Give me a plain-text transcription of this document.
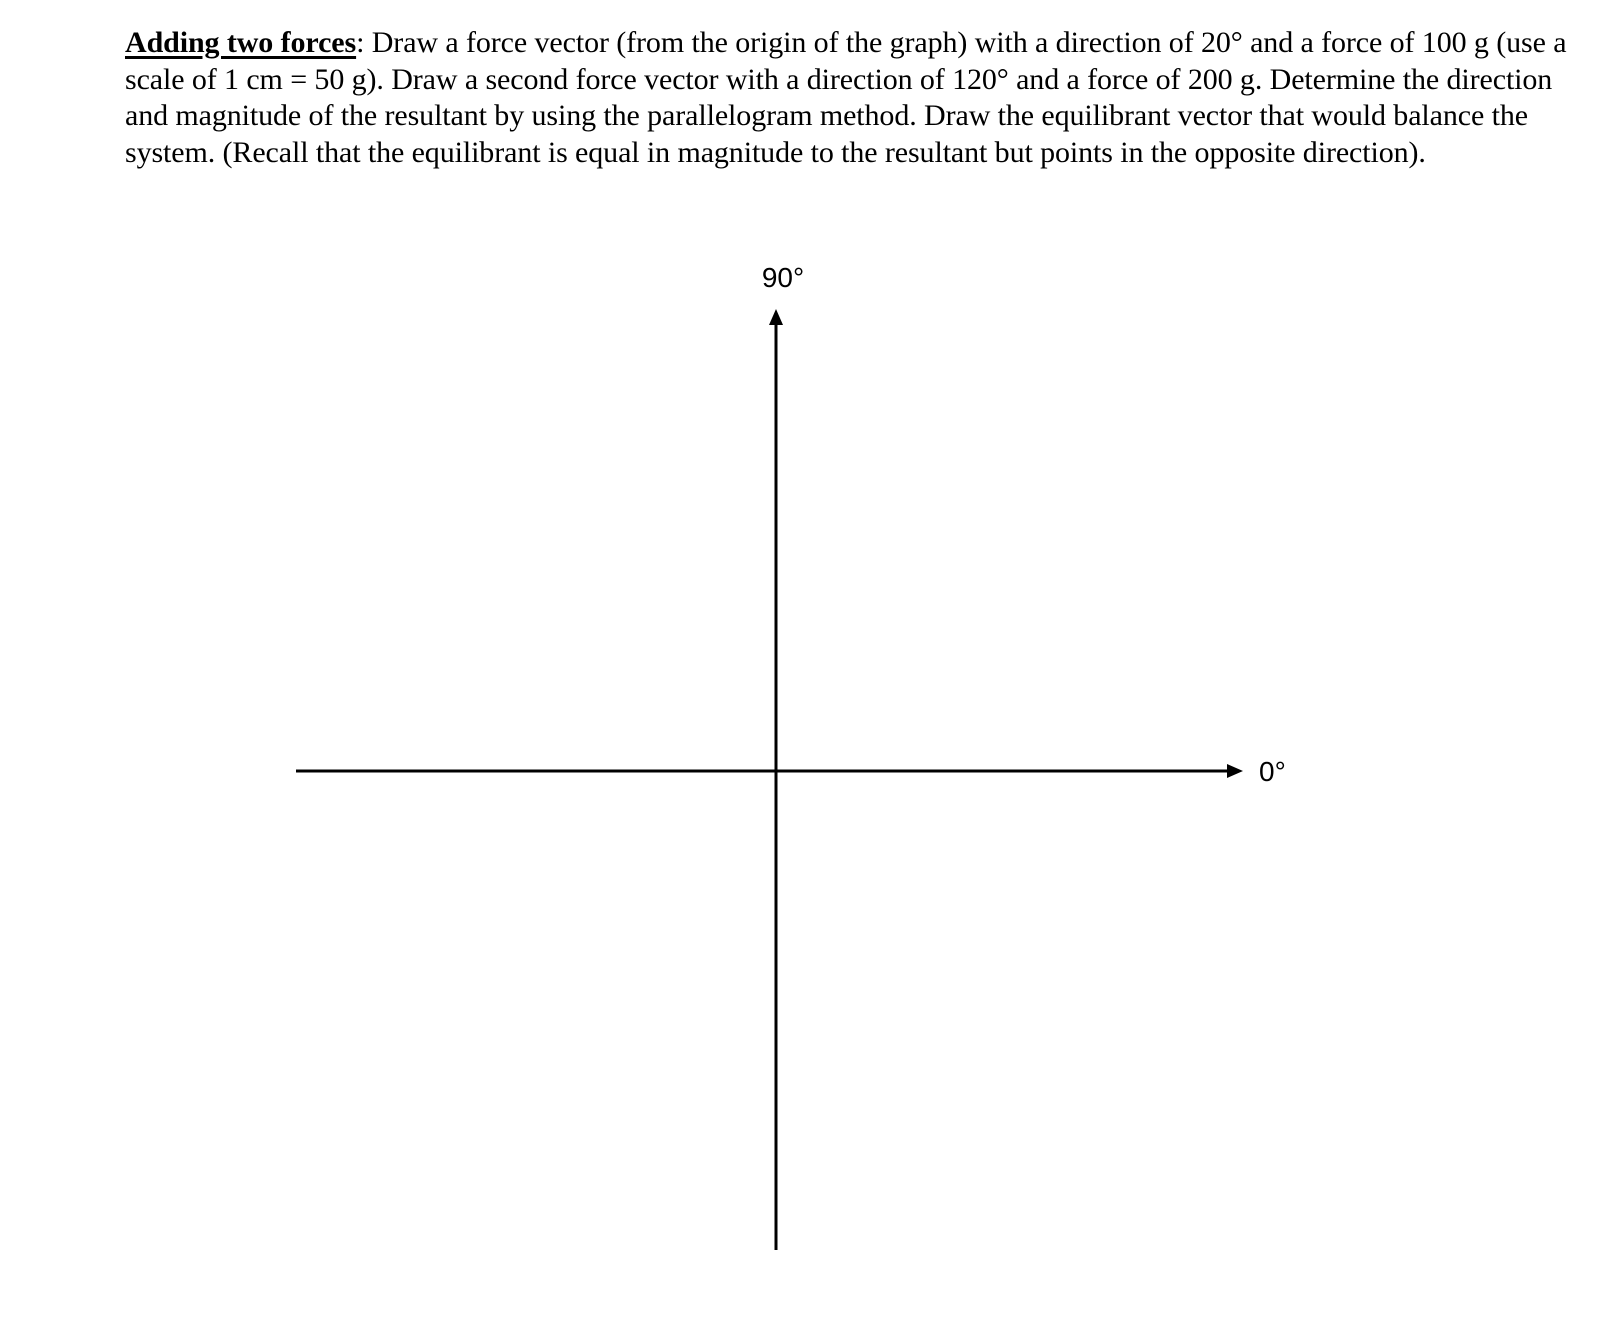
Adding two forces: Draw a force vector (from the origin of the graph) with a direction of 20° and a force of 100 g (use a scale of 1 cm = 50 g). Draw a second force vector with a direction of 120° and a force of 200 g. Determine the direction and magnitude of the resultant by using the parallelogram method. Draw the equilibrant vector that would balance the system. (Recall that the equilibrant is equal in magnitude to the resultant but points in the opposite direction).
90°
0°
